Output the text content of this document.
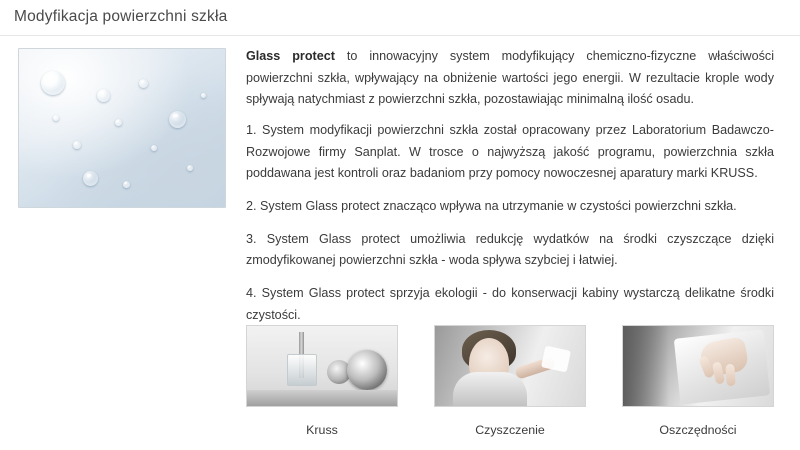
Modyfikacja powierzchni szkła

Glass protect to innowacyjny system modyfikujący chemiczno-fizyczne właściwości powierzchni szkła, wpływający na obniżenie wartości jego energii. W rezultacie krople wody spływają natychmiast z powierzchni szkła, pozostawiając minimalną ilość osadu.

1. System modyfikacji powierzchni szkła został opracowany przez Laboratorium Badawczo-Rozwojowe firmy Sanplat. W trosce o najwyższą jakość programu, powierzchnia szkła poddawana jest kontroli oraz badaniom przy pomocy nowoczesnej aparatury marki KRUSS.

2. System Glass protect znacząco wpływa na utrzymanie w czystości powierzchni szkła.

3. System Glass protect umożliwia redukcję wydatków na środki czyszczące dzięki zmodyfikowanej powierzchni szkła - woda spływa szybciej i łatwiej.

4. System Glass protect sprzyja ekologii - do konserwacji kabiny wystarczą delikatne środki czystości.

Kruss	Czyszczenie	Oszczędności
